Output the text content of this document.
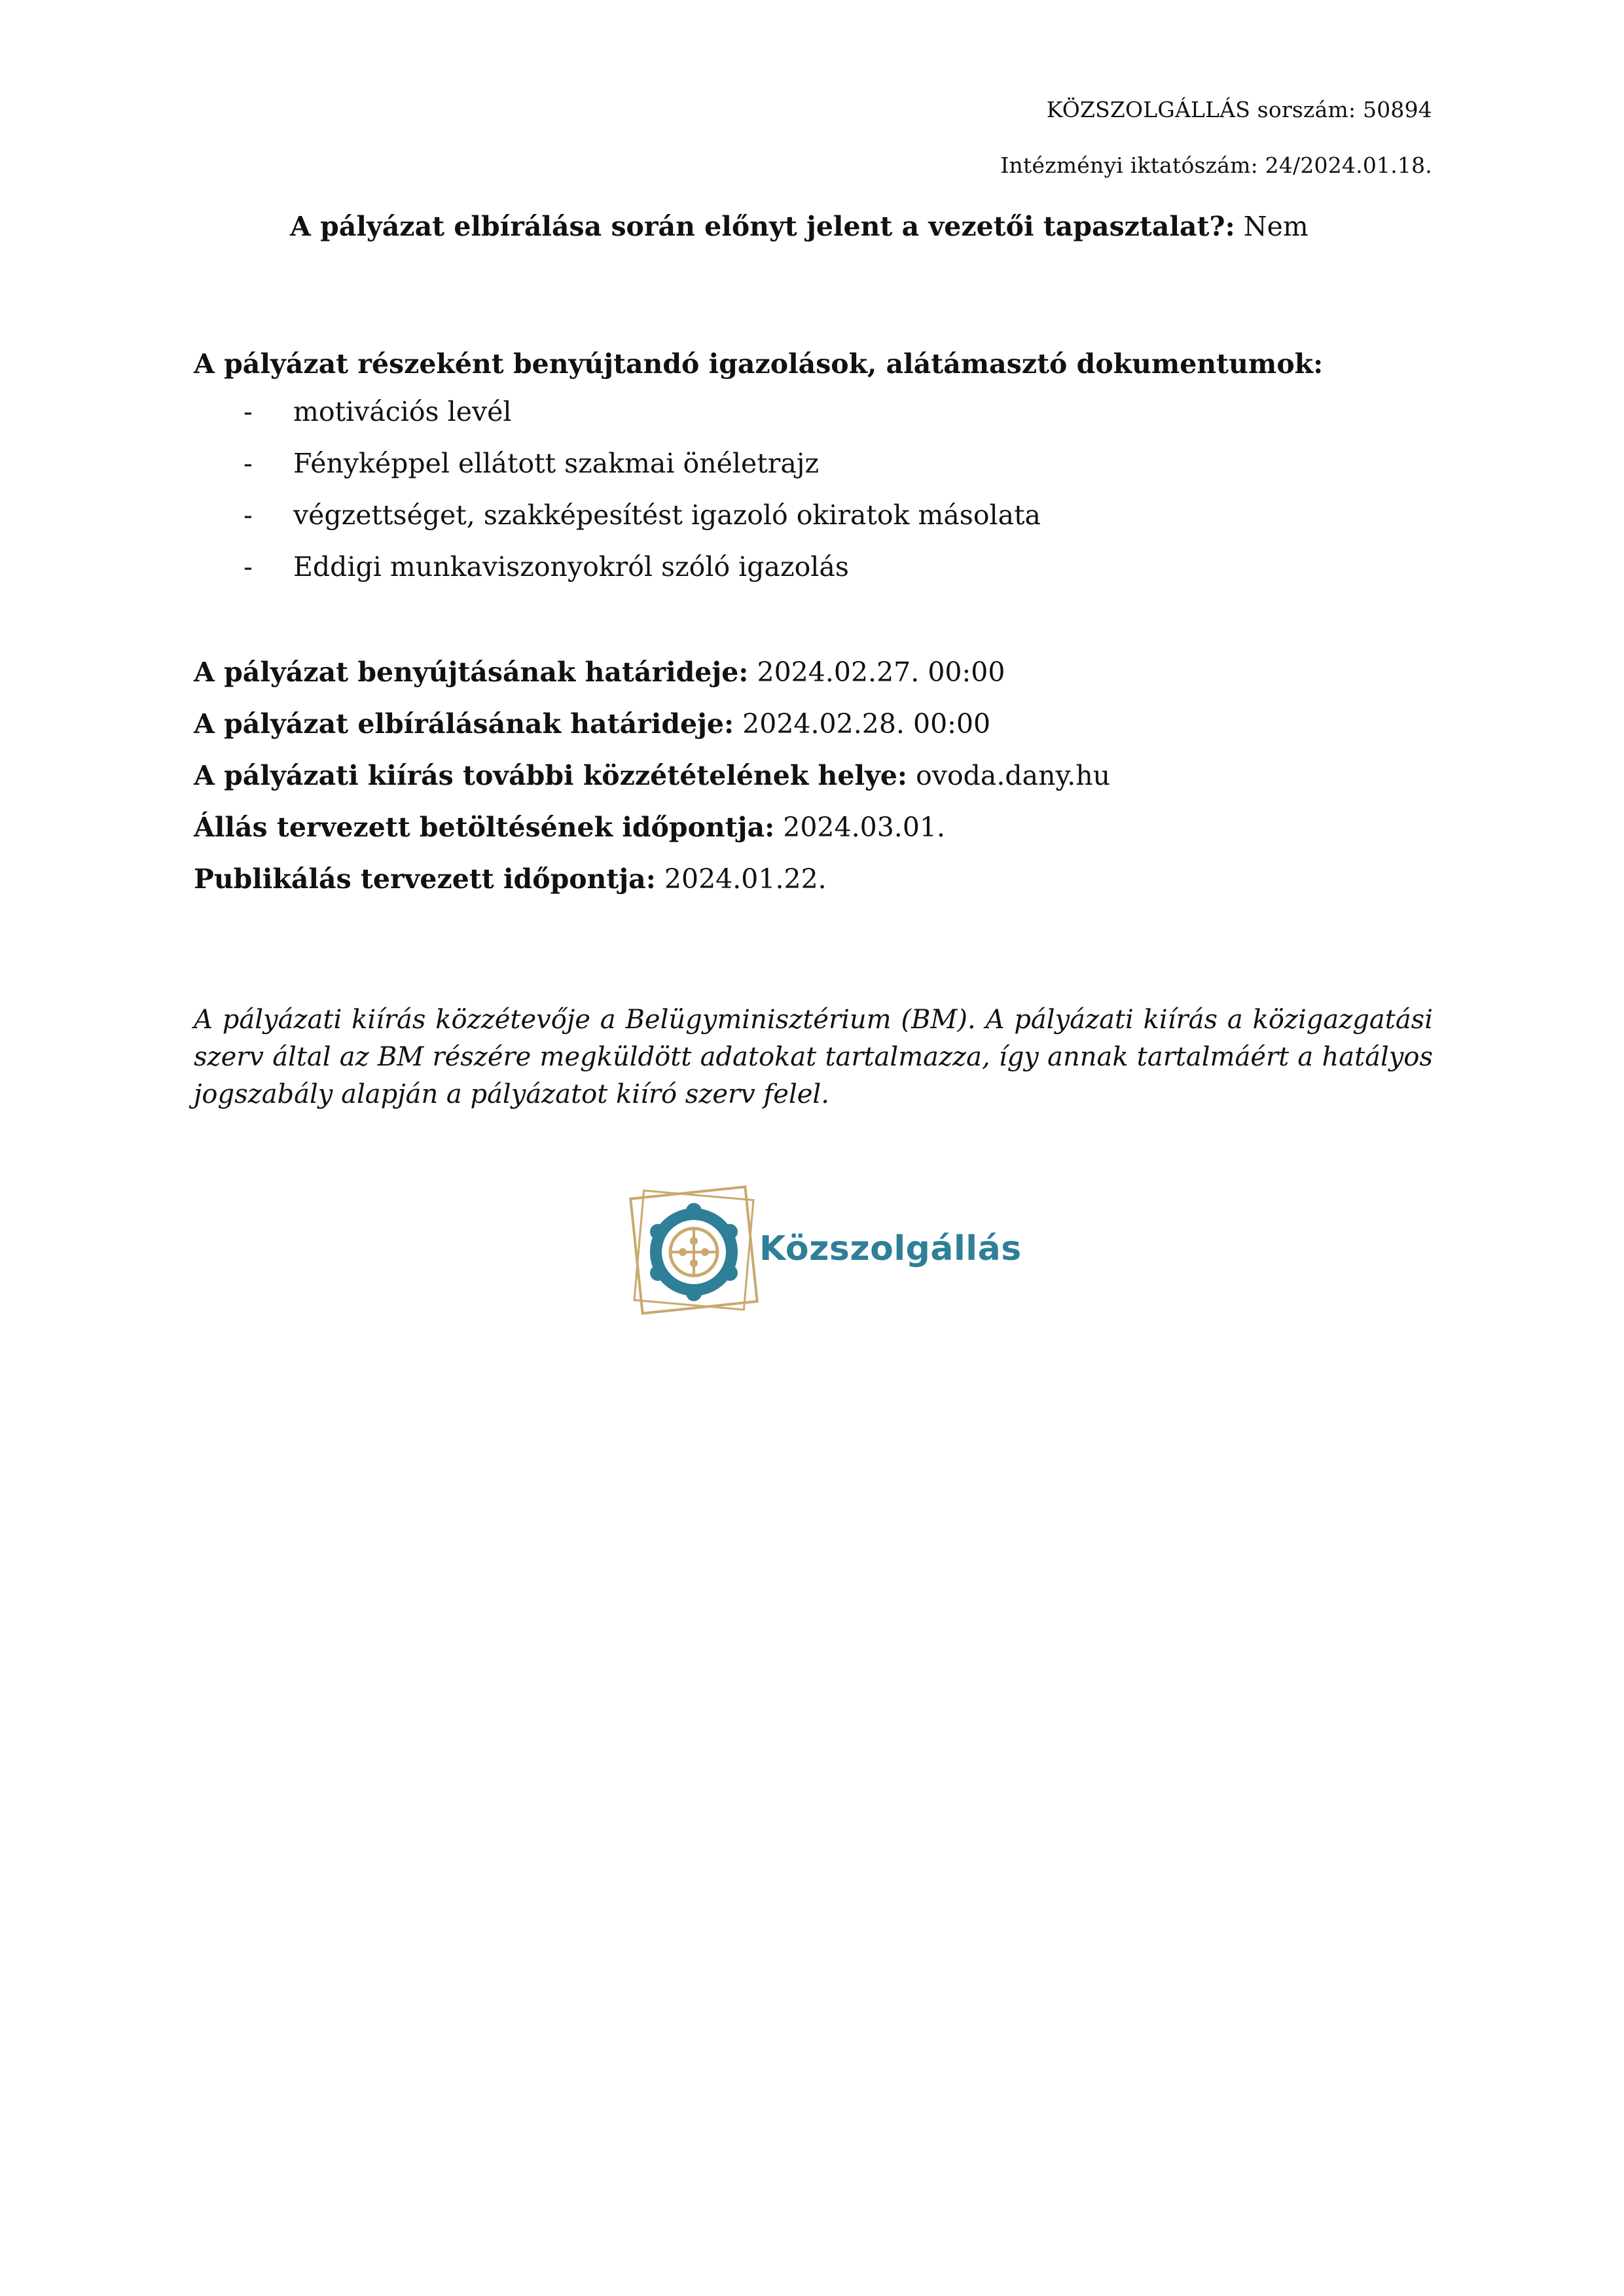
KÖZSZOLGÁLLÁS sorszám: 50894
Intézményi iktatószám: 24/2024.01.18.
A pályázat elbírálása során előnyt jelent a vezetői tapasztalat?: Nem
A pályázat részeként benyújtandó igazolások, alátámasztó dokumentumok:
- motivációs levél
- Fényképpel ellátott szakmai önéletrajz
- végzettséget, szakképesítést igazoló okiratok másolata
- Eddigi munkaviszonyokról szóló igazolás
A pályázat benyújtásának határideje: 2024.02.27. 00:00
A pályázat elbírálásának határideje: 2024.02.28. 00:00
A pályázati kiírás további közzétételének helye: ovoda.dany.hu
Állás tervezett betöltésének időpontja: 2024.03.01.
Publikálás tervezett időpontja: 2024.01.22.
A pályázati kiírás közzétevője a Belügyminisztérium (BM). A pályázati kiírás a közigazgatási szerv által az BM részére megküldött adatokat tartalmazza, így annak tartalmáért a hatályos jogszabály alapján a pályázatot kiíró szerv felel.
Közszolgállás
